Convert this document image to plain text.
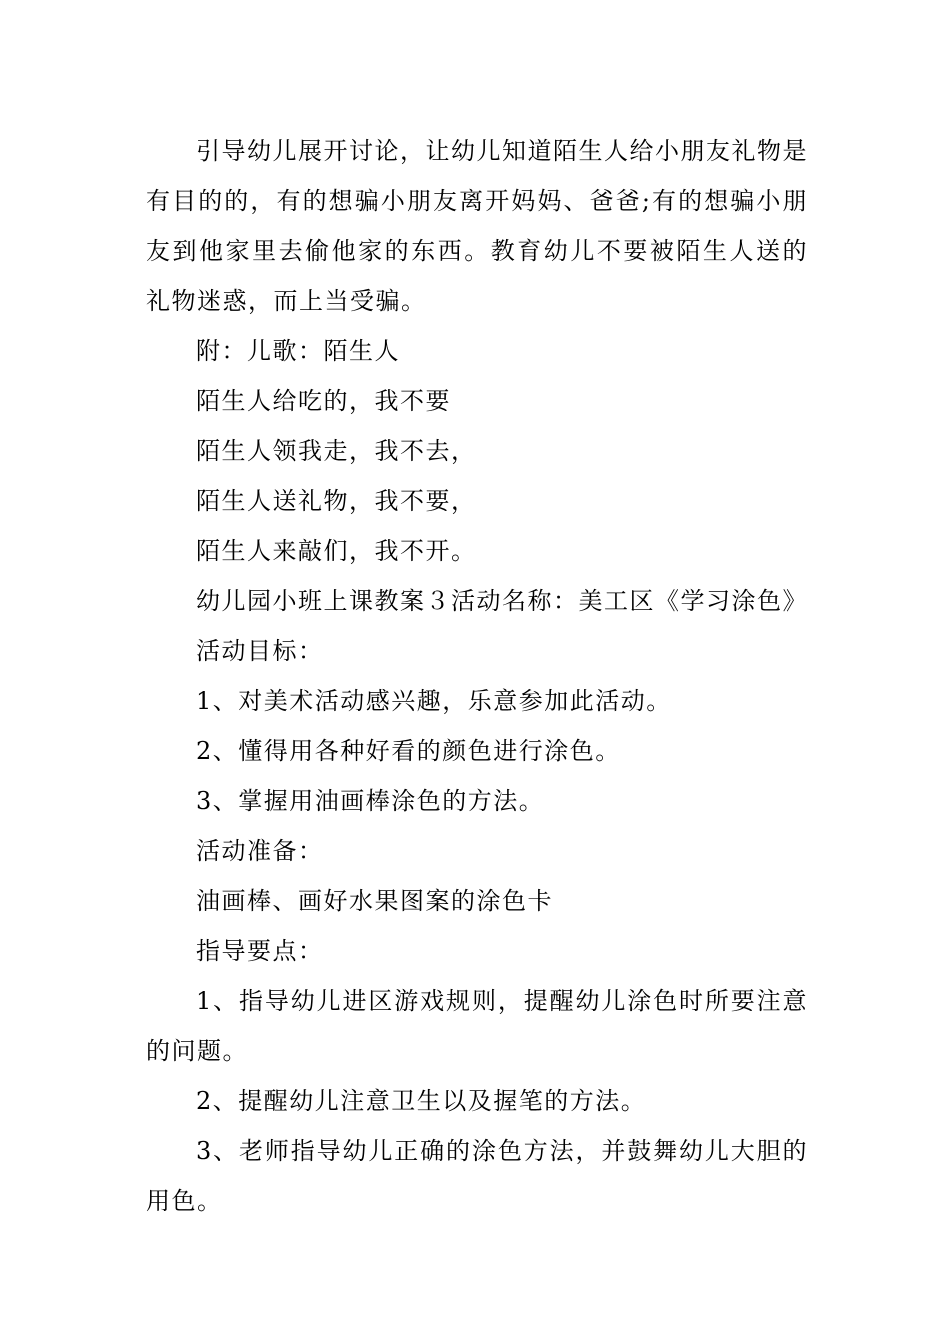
引导幼儿展开讨论，让幼儿知道陌生人给小朋友礼物是有目的的，有的想骗小朋友离开妈妈、爸爸;有的想骗小朋友到他家里去偷他家的东西。教育幼儿不要被陌生人送的礼物迷惑，而上当受骗。

附：儿歌：陌生人

陌生人给吃的，我不要

陌生人领我走，我不去，

陌生人送礼物，我不要，

陌生人来敲们，我不开。

幼儿园小班上课教案３活动名称：美工区《学习涂色》

活动目标：

1、对美术活动感兴趣，乐意参加此活动。

2、懂得用各种好看的颜色进行涂色。

3、掌握用油画棒涂色的方法。

活动准备：

油画棒、画好水果图案的涂色卡

指导要点：

1、指导幼儿进区游戏规则，提醒幼儿涂色时所要注意的问题。

2、提醒幼儿注意卫生以及握笔的方法。

3、老师指导幼儿正确的涂色方法，并鼓舞幼儿大胆的用色。
